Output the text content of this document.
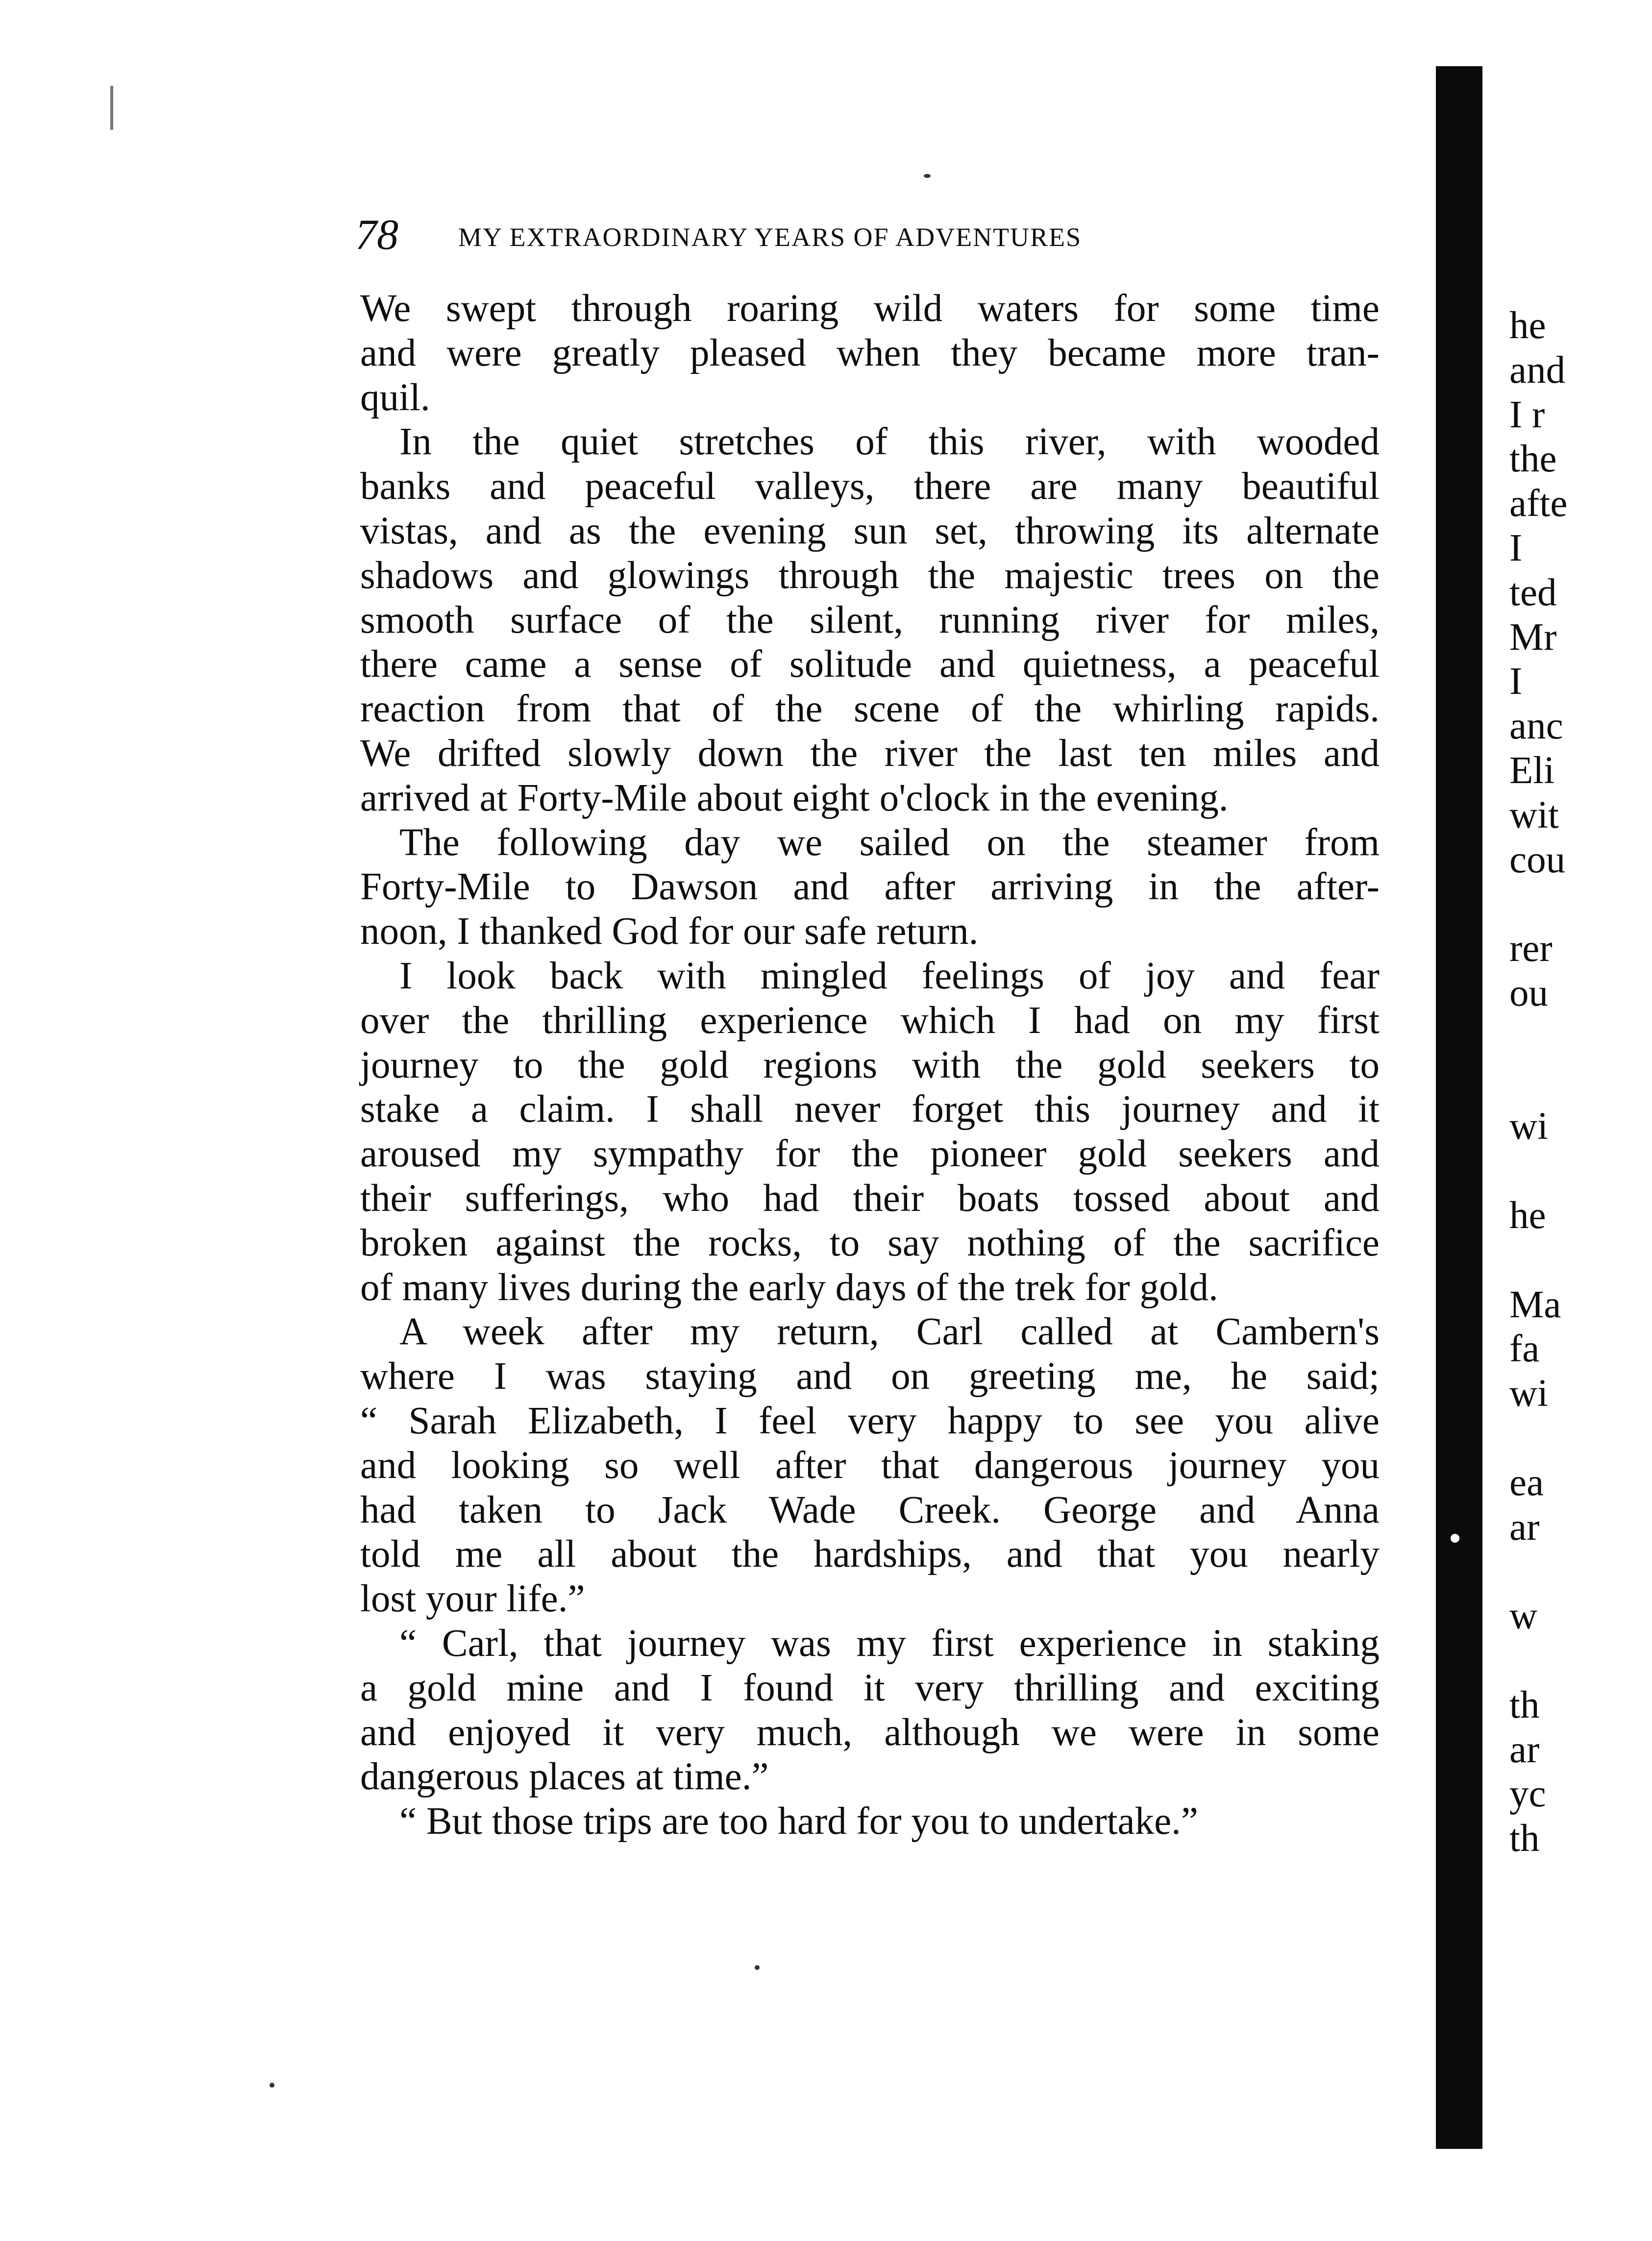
78 MY EXTRAORDINARY YEARS OF ADVENTURES

We swept through roaring wild waters for some time
and were greatly pleased when they became more tran-
quil.

In the quiet stretches of this river, with wooded
banks and peaceful valleys, there are many beautiful
vistas, and as the evening sun set, throwing its alternate
shadows and glowings through the majestic trees on the
smooth surface of the silent, running river for miles,
there came a sense of solitude and quietness, a peaceful
reaction from that of the scene of the whirling rapids.
We drifted slowly down the river the last ten miles and
arrived at Forty-Mile about eight o'clock in the evening.

The following day we sailed on the steamer from
Forty-Mile to Dawson and after arriving in the after-
noon, I thanked God for our safe return.

I look back with mingled feelings of joy and fear
over the thrilling experience which I had on my first
journey to the gold regions with the gold seekers to
stake a claim. I shall never forget this journey and it
aroused my sympathy for the pioneer gold seekers and
their sufferings, who had their boats tossed about and
broken against the rocks, to say nothing of the sacrifice
of many lives during the early days of the trek for gold.

A week after my return, Carl called at Cambern's
where I was staying and on greeting me, he said;
“ Sarah Elizabeth, I feel very happy to see you alive
and looking so well after that dangerous journey you
had taken to Jack Wade Creek. George and Anna
told me all about the hardships, and that you nearly
lost your life.”

“ Carl, that journey was my first experience in staking
a gold mine and I found it very thrilling and exciting
and enjoyed it very much, although we were in some
dangerous places at time.”

“ But those trips are too hard for you to undertake.”

he
and
I r
the
afte
I
ted
Mr
I
anc
Eli
wit
cou
rer
ou
wi
he
Ma
fa
wi
ea
ar
w
th
ar
yc
th
